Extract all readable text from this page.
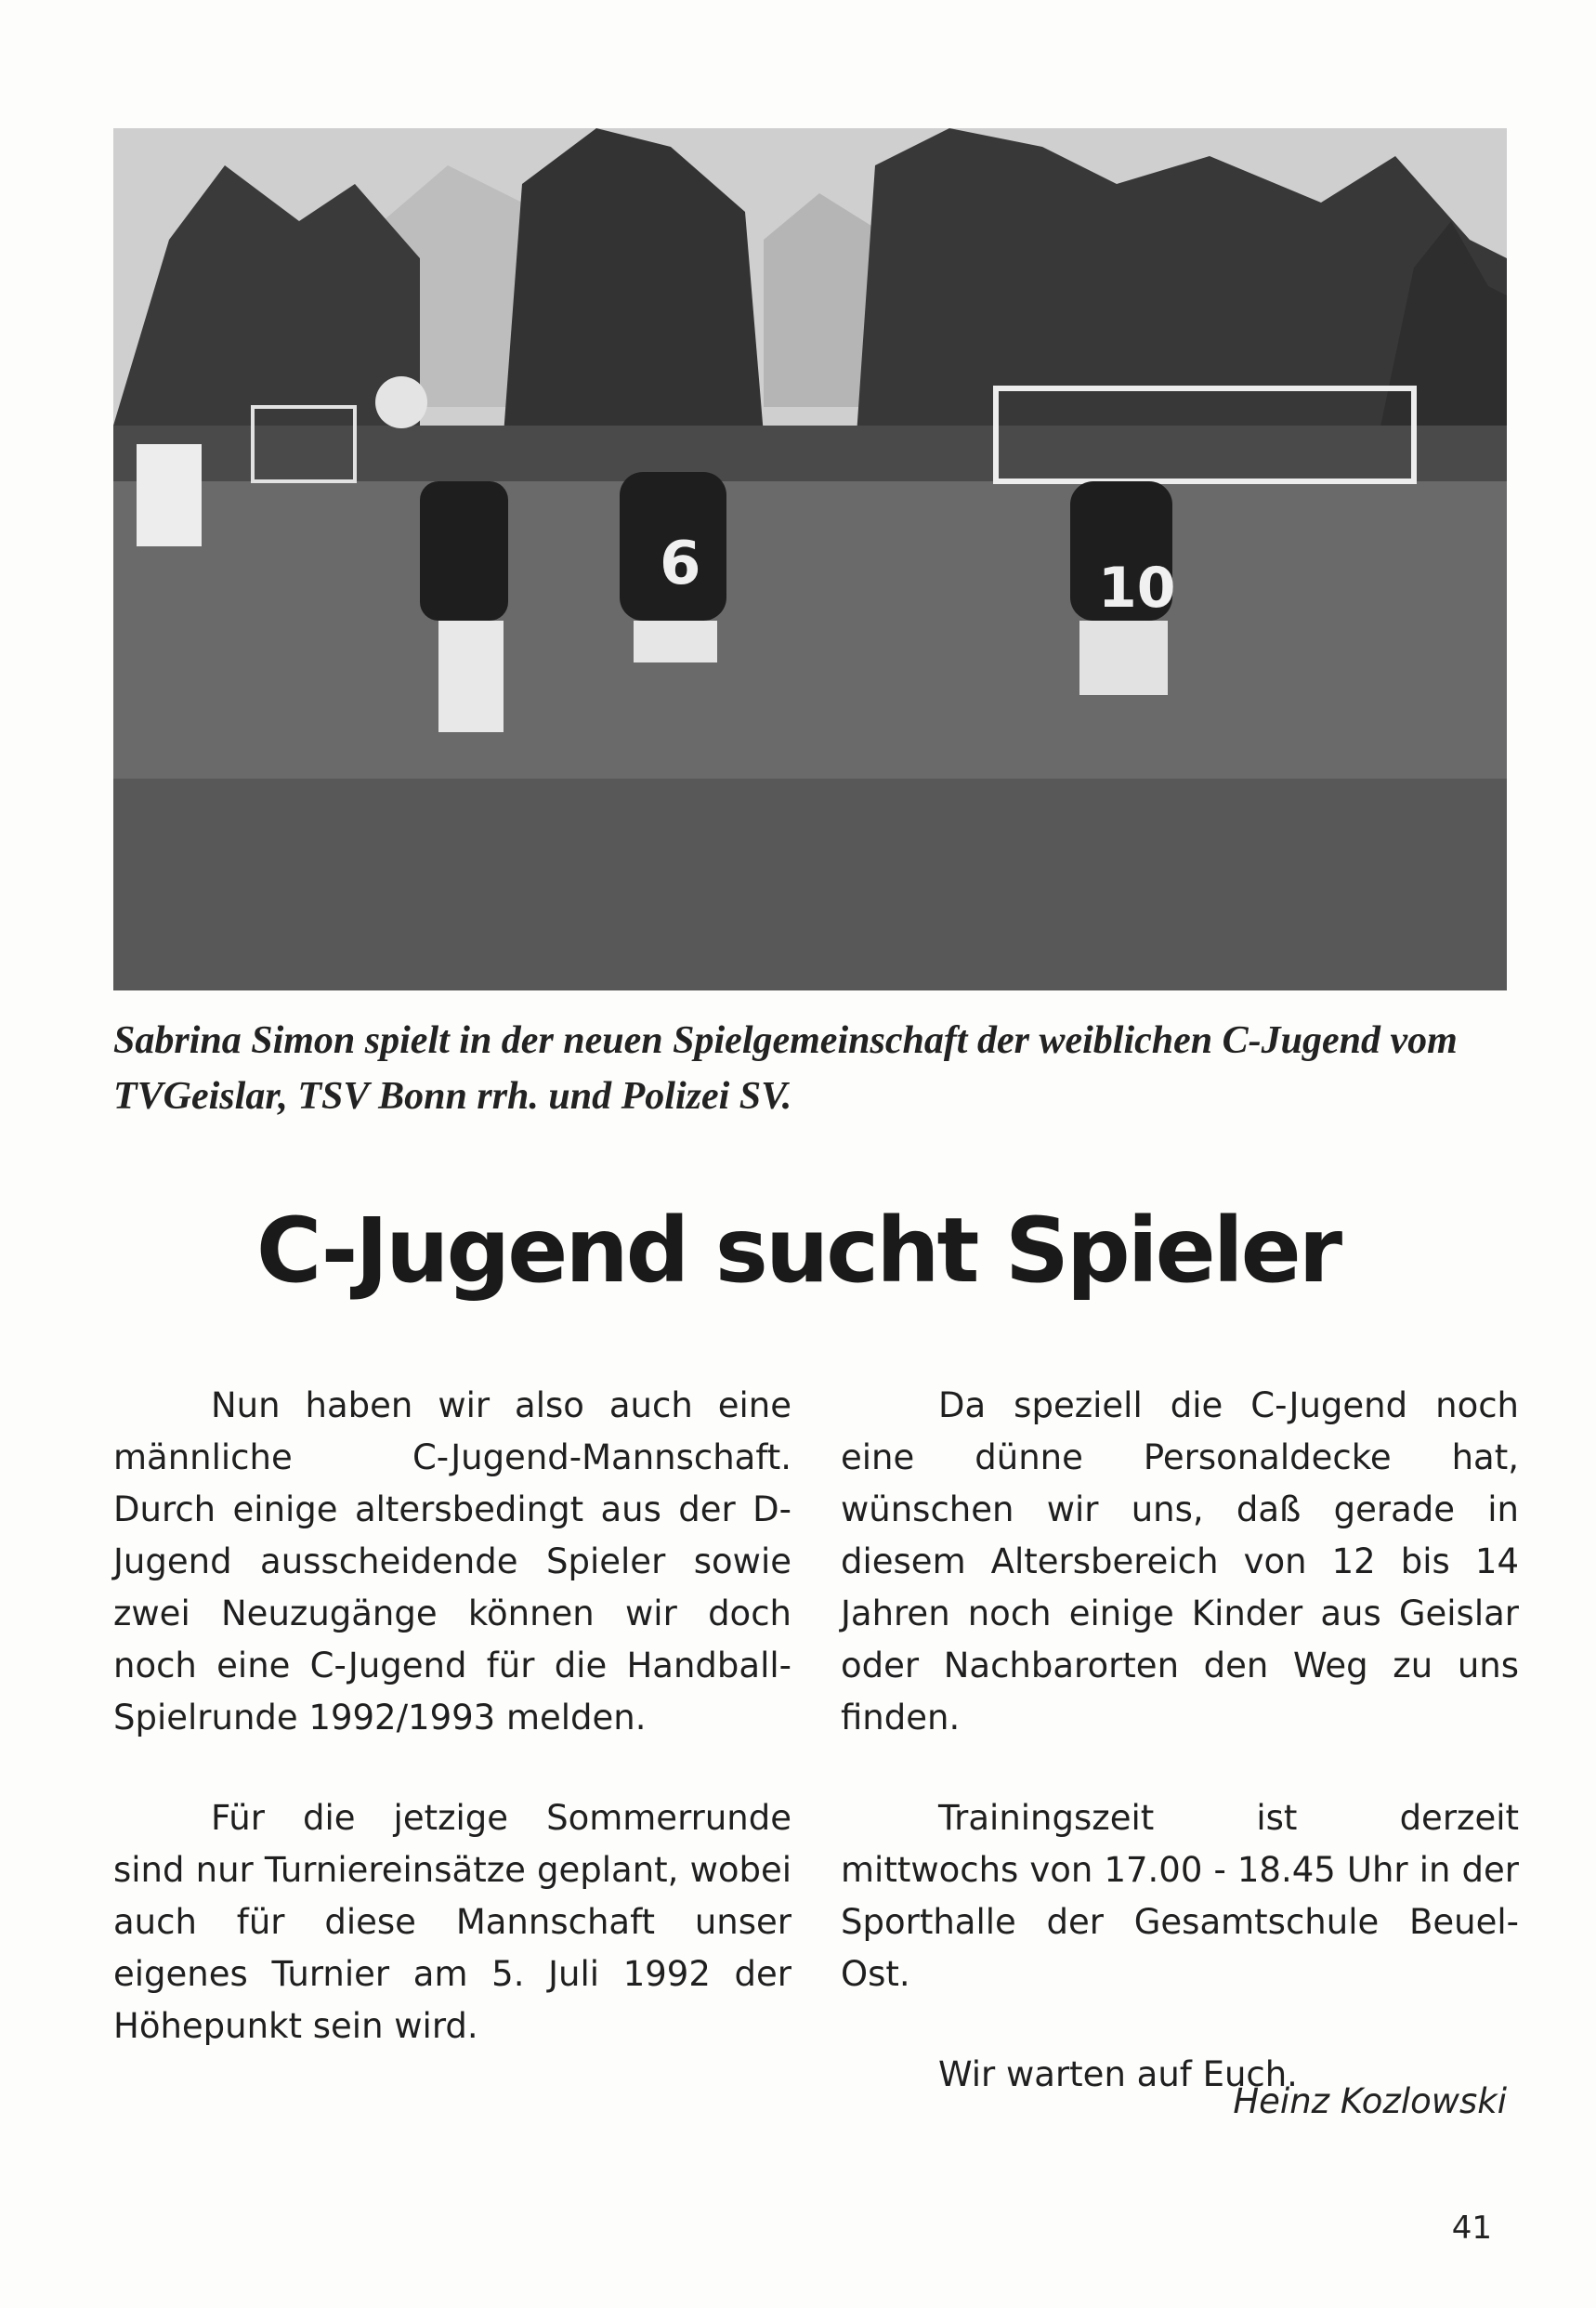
6	10
Sabrina Simon spielt in der neuen Spielgemeinschaft der weiblichen C-Jugend vom TVGeislar, TSV Bonn rrh. und Polizei SV.
C-Jugend sucht Spieler

Nun haben wir also auch eine männliche C-Jugend-Mannschaft. Durch einige altersbedingt aus der D-Jugend ausscheidende Spieler sowie zwei Neuzugänge können wir doch noch eine C-Jugend für die Handball-Spielrunde 1992/1993 melden.

Für die jetzige Sommerrunde sind nur Turniereinsätze geplant, wobei auch für diese Mannschaft unser eigenes Turnier am 5. Juli 1992 der Höhepunkt sein wird.

Da speziell die C-Jugend noch eine dünne Personaldecke hat, wünschen wir uns, daß gerade in diesem Altersbereich von 12 bis 14 Jahren noch einige Kinder aus Geislar oder Nachbarorten den Weg zu uns finden.

Trainingszeit ist derzeit mittwochs von 17.00 - 18.45 Uhr in der Sporthalle der Gesamtschule Beuel-Ost.

Wir warten auf Euch.

Heinz Kozlowski
41
